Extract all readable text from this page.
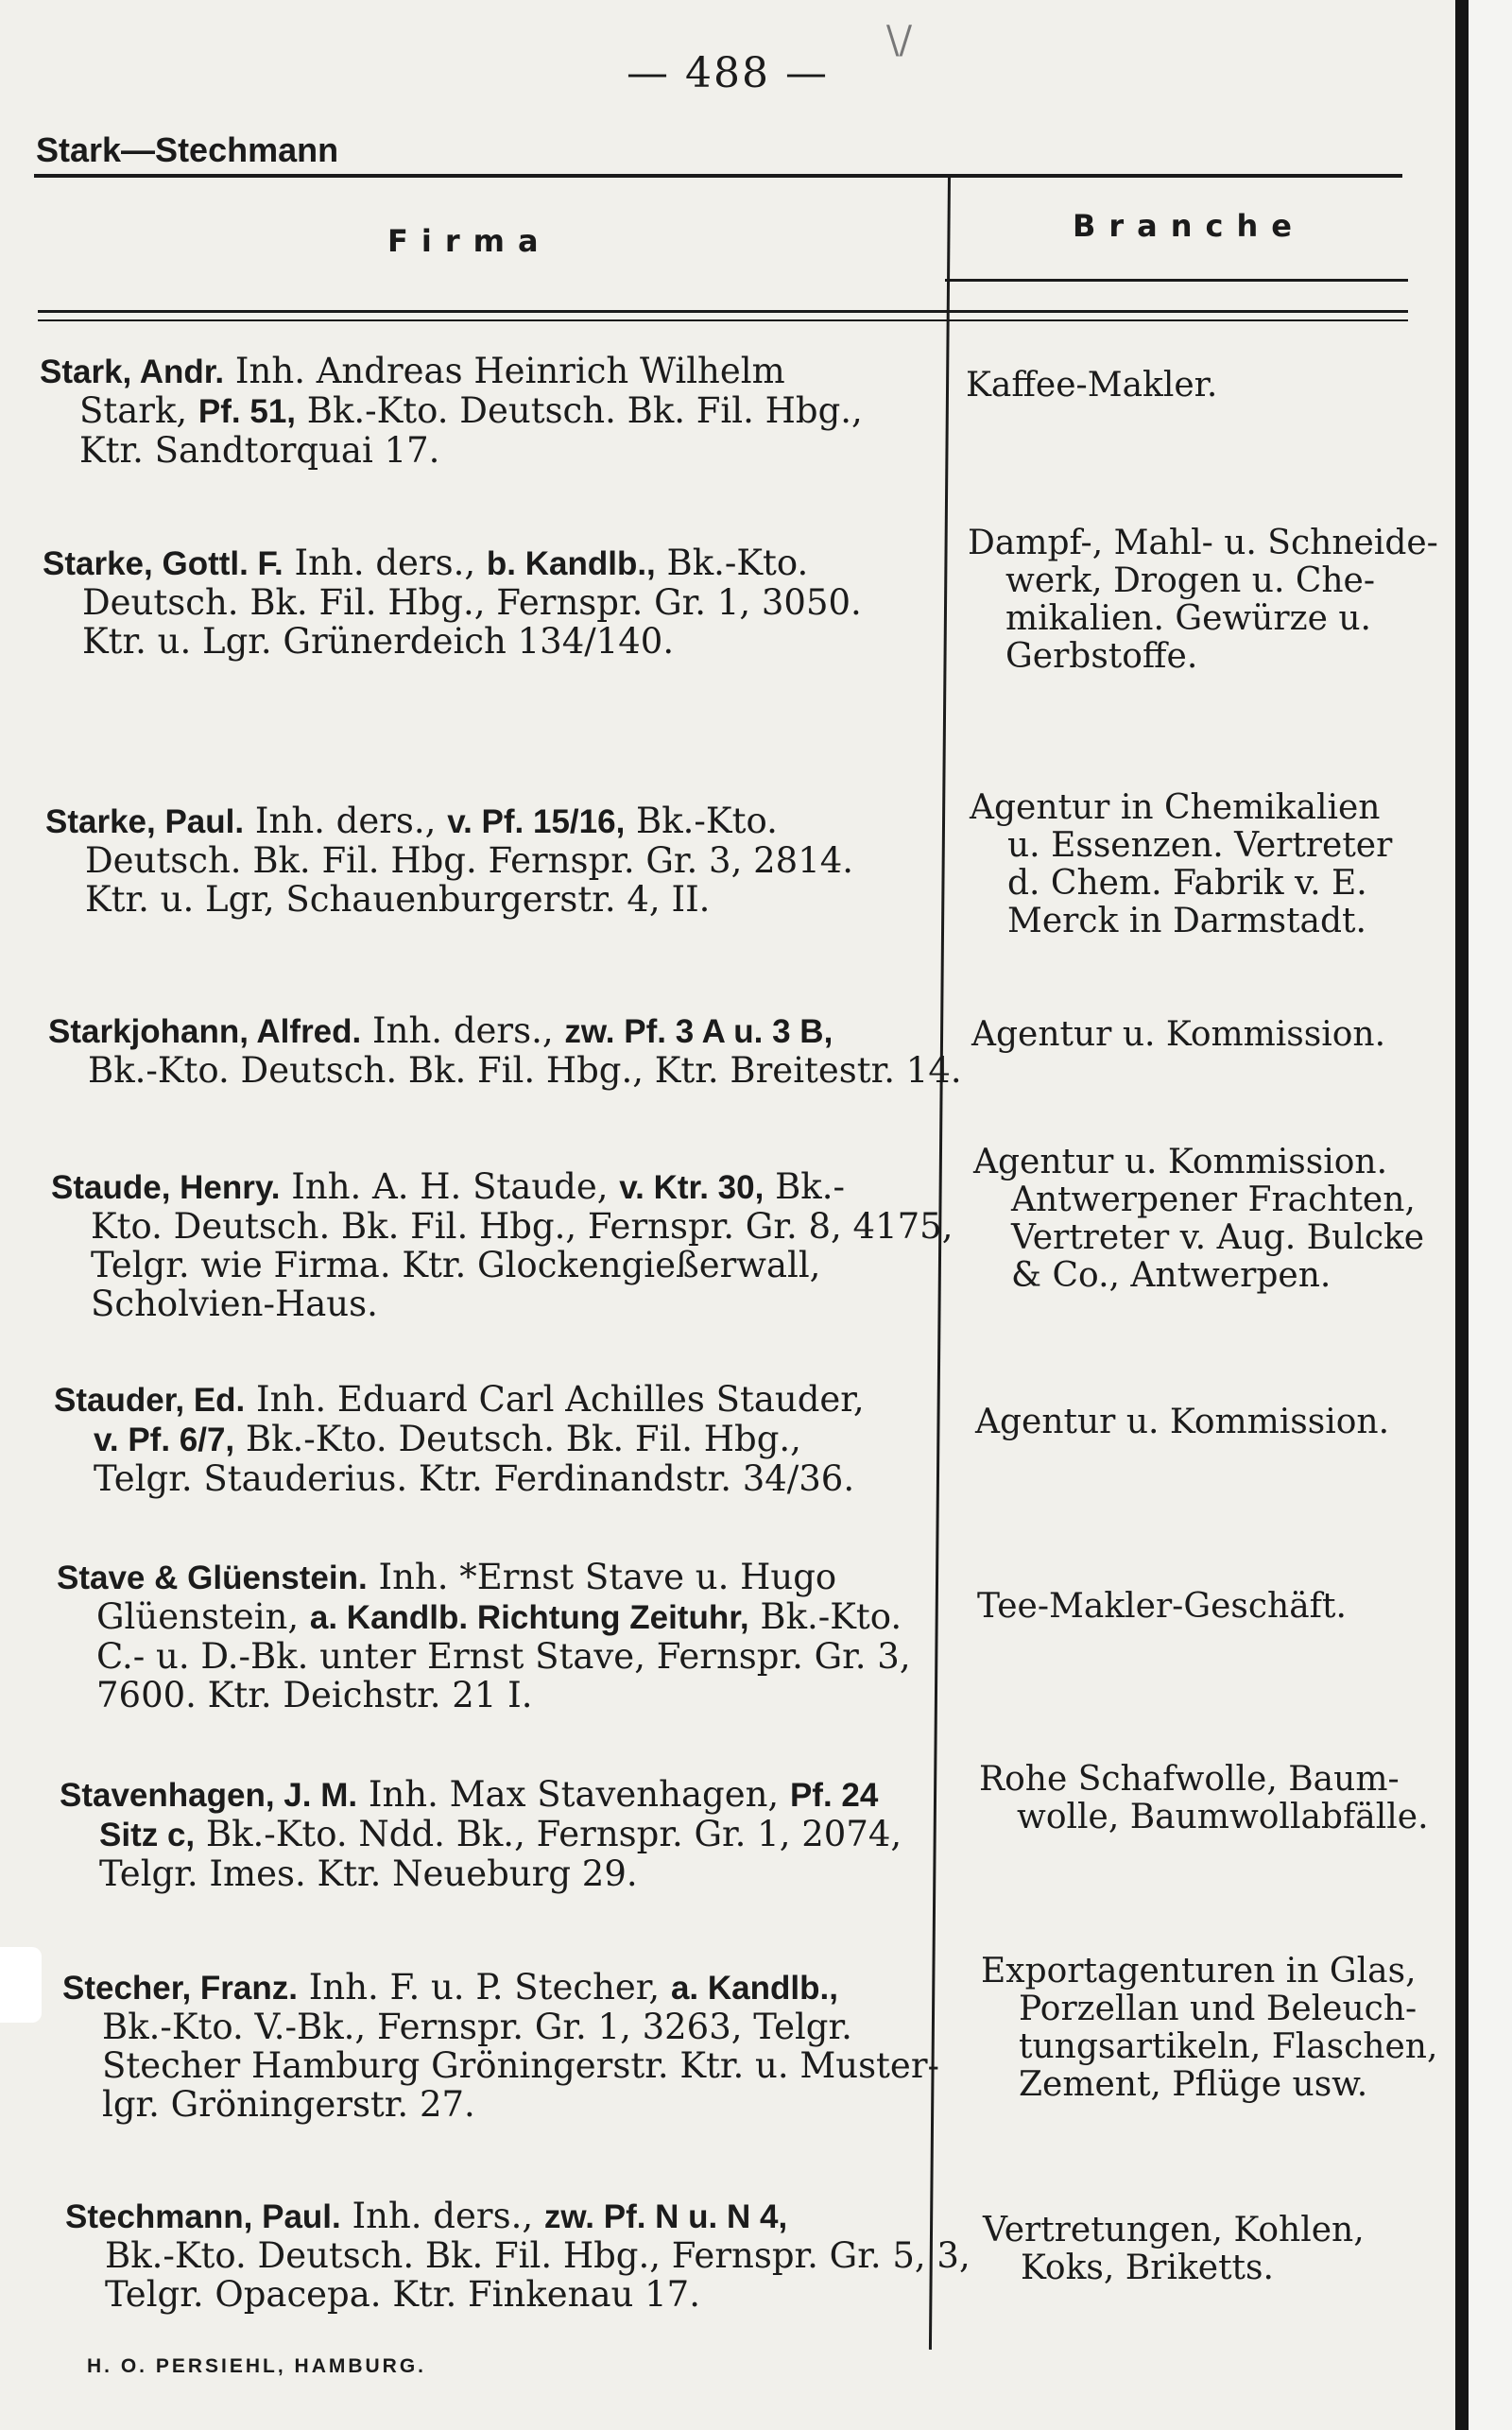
\/
— 488 —
Stark—Stechmann
Firma	Branche
Stark, Andr. Inh. Andreas Heinrich Wilhelm
Stark, Pf. 51, Bk.-Kto. Deutsch. Bk. Fil. Hbg.,
Ktr. Sandtorquai 17.
Kaffee-Makler.
Starke, Gottl. F. Inh. ders., b. Kandlb., Bk.-Kto.
Deutsch. Bk. Fil. Hbg., Fernspr. Gr. 1, 3050.
Ktr. u. Lgr. Grünerdeich 134/140.
Dampf-, Mahl- u. Schneide-
werk, Drogen u. Che-
mikalien. Gewürze u.
Gerbstoffe.
Starke, Paul. Inh. ders., v. Pf. 15/16, Bk.-Kto.
Deutsch. Bk. Fil. Hbg. Fernspr. Gr. 3, 2814.
Ktr. u. Lgr, Schauenburgerstr. 4, II.
Agentur in Chemikalien
u. Essenzen. Vertreter
d. Chem. Fabrik v. E.
Merck in Darmstadt.
Starkjohann, Alfred. Inh. ders., zw. Pf. 3 A u. 3 B,
Bk.-Kto. Deutsch. Bk. Fil. Hbg., Ktr. Breitestr. 14.
Agentur u. Kommission.
Staude, Henry. Inh. A. H. Staude, v. Ktr. 30, Bk.-
Kto. Deutsch. Bk. Fil. Hbg., Fernspr. Gr. 8, 4175,
Telgr. wie Firma. Ktr. Glockengießerwall,
Scholvien-Haus.
Agentur u. Kommission.
Antwerpener Frachten,
Vertreter v. Aug. Bulcke
& Co., Antwerpen.
Stauder, Ed. Inh. Eduard Carl Achilles Stauder,
v. Pf. 6/7, Bk.-Kto. Deutsch. Bk. Fil. Hbg.,
Telgr. Stauderius. Ktr. Ferdinandstr. 34/36.
Agentur u. Kommission.
Stave & Glüenstein. Inh. *Ernst Stave u. Hugo
Glüenstein, a. Kandlb. Richtung Zeituhr, Bk.-Kto.
C.- u. D.-Bk. unter Ernst Stave, Fernspr. Gr. 3,
7600. Ktr. Deichstr. 21 I.
Tee-Makler-Geschäft.
Stavenhagen, J. M. Inh. Max Stavenhagen, Pf. 24
Sitz c, Bk.-Kto. Ndd. Bk., Fernspr. Gr. 1, 2074,
Telgr. Imes. Ktr. Neueburg 29.
Rohe Schafwolle, Baum-
wolle, Baumwollabfälle.
Stecher, Franz. Inh. F. u. P. Stecher, a. Kandlb.,
Bk.-Kto. V.-Bk., Fernspr. Gr. 1, 3263, Telgr.
Stecher Hamburg Gröningerstr. Ktr. u. Muster-
lgr. Gröningerstr. 27.
Exportagenturen in Glas,
Porzellan und Beleuch-
tungsartikeln, Flaschen,
Zement, Pflüge usw.
Stechmann, Paul. Inh. ders., zw. Pf. N u. N 4,
Bk.-Kto. Deutsch. Bk. Fil. Hbg., Fernspr. Gr. 5, 3,
Telgr. Opacepa. Ktr. Finkenau 17.
Vertretungen, Kohlen,
Koks, Briketts.
H. O. PERSIEHL, HAMBURG.
